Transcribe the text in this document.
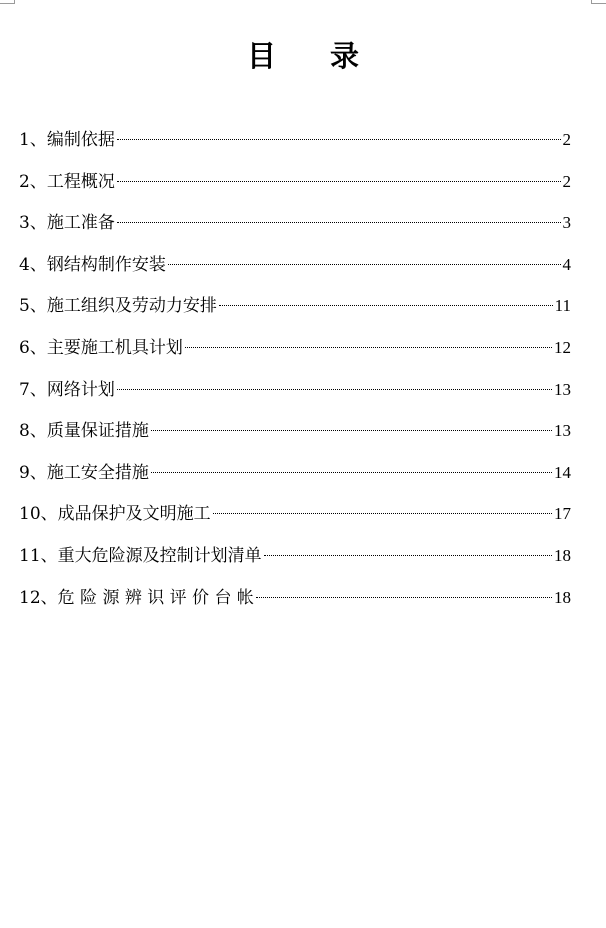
目录
1、编制依据	2
2、工程概况	2
3、施工准备	3
4、钢结构制作安装	4
5、施工组织及劳动力安排	11
6、主要施工机具计划	12
7、网络计划	13
8、质量保证措施	13
9、施工安全措施	14
10、成品保护及文明施工	17
11、重大危险源及控制计划清单	18
12、危 险 源 辨 识 评 价 台 帐	18
